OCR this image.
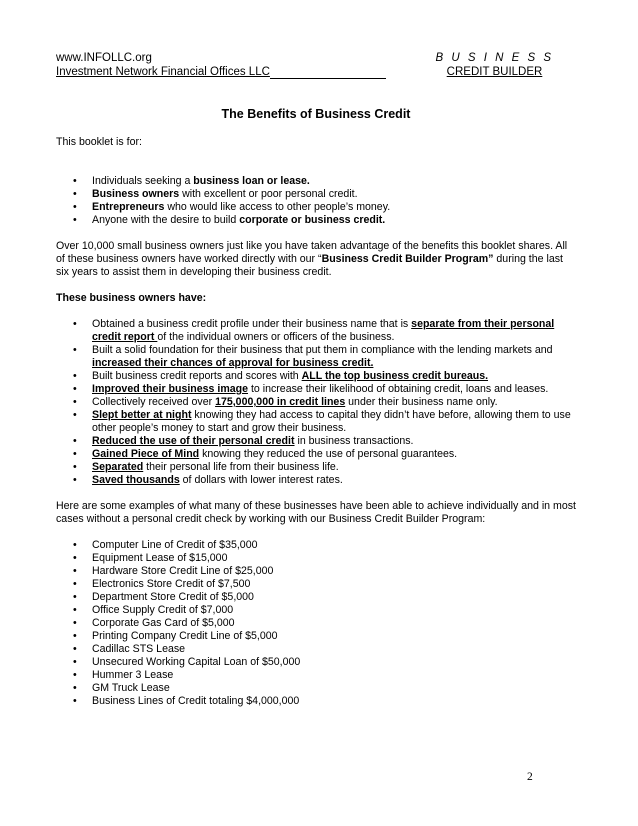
www.INFOLLC.org
Investment Network Financial Offices LLC
B U S I N E S S
CREDIT BUILDER
The Benefits of Business Credit

This booklet is for:

• Individuals seeking a business loan or lease.
• Business owners with excellent or poor personal credit.
• Entrepreneurs who would like access to other people’s money.
• Anyone with the desire to build corporate or business credit.

Over 10,000 small business owners just like you have taken advantage of the benefits this booklet shares. All of these business owners have worked directly with our “Business Credit Builder Program” during the last six years to assist them in developing their business credit.

These business owners have:

• Obtained a business credit profile under their business name that is separate from their personal credit report of the individual owners or officers of the business.
• Built a solid foundation for their business that put them in compliance with the lending markets and increased their chances of approval for business credit.
• Built business credit reports and scores with ALL the top business credit bureaus.
• Improved their business image to increase their likelihood of obtaining credit, loans and leases.
• Collectively received over 175,000,000 in credit lines under their business name only.
• Slept better at night knowing they had access to capital they didn’t have before, allowing them to use other people’s money to start and grow their business.
• Reduced the use of their personal credit in business transactions.
• Gained Piece of Mind knowing they reduced the use of personal guarantees.
• Separated their personal life from their business life.
• Saved thousands of dollars with lower interest rates.

Here are some examples of what many of these businesses have been able to achieve individually and in most cases without a personal credit check by working with our Business Credit Builder Program:

• Computer Line of Credit of $35,000
• Equipment Lease of $15,000
• Hardware Store Credit Line of $25,000
• Electronics Store Credit of $7,500
• Department Store Credit of $5,000
• Office Supply Credit of $7,000
• Corporate Gas Card of $5,000
• Printing Company Credit Line of $5,000
• Cadillac STS Lease
• Unsecured Working Capital Loan of $50,000
• Hummer 3 Lease
• GM Truck Lease
• Business Lines of Credit totaling $4,000,000
2
